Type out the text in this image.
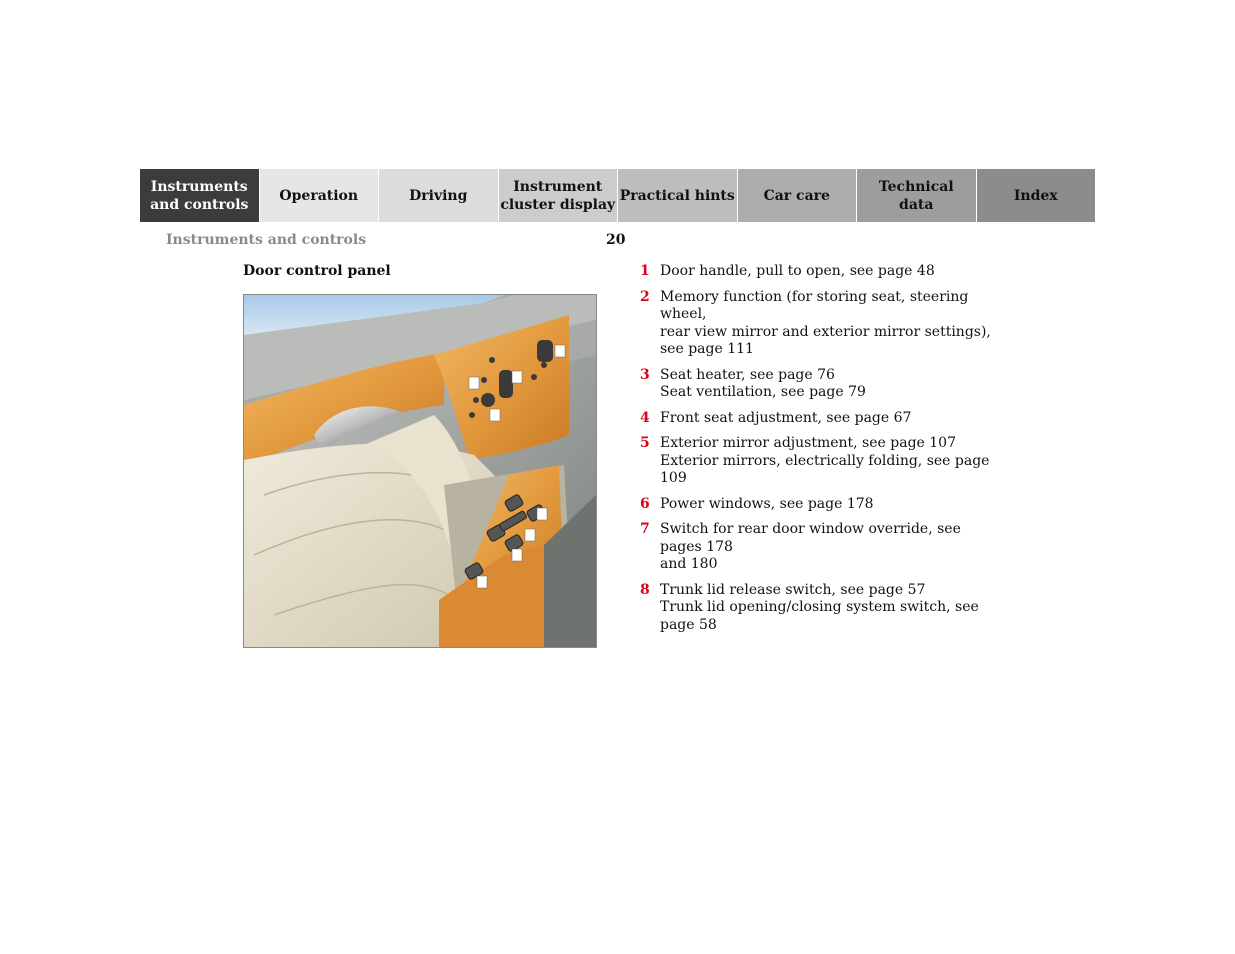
Instruments
and controls
Operation	Driving
Instrument
cluster display
Practical hints	Car care
Technical
data
Index
Instruments and controls	20
Door control panel	1 Door handle, pull to open, see page 48
2 Memory function (for storing seat, steering wheel,
rear view mirror and exterior mirror settings),
see page 111
3 Seat heater, see page 76
Seat ventilation, see page 79
4 Front seat adjustment, see page 67
5 Exterior mirror adjustment, see page 107
Exterior mirrors, electrically folding, see page 109
6 Power windows, see page 178
7 Switch for rear door window override, see pages 178
and 180
8 Trunk lid release switch, see page 57
Trunk lid opening/closing system switch, see
page 58
